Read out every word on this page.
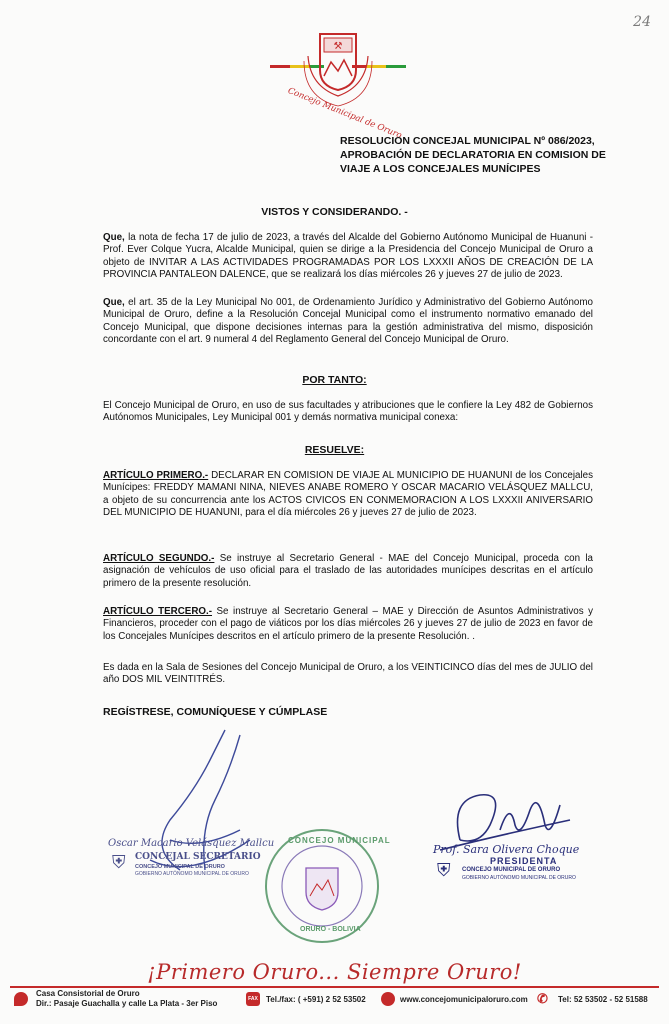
24
⚒
Concejo Municipal de Oruro
RESOLUCION CONCEJAL MUNICIPAL Nº 086/2023,
APROBACIÓN DE DECLARATORIA EN COMISION DE
VIAJE A LOS CONCEJALES MUNÍCIPES
VISTOS Y CONSIDERANDO. -
Que, la nota de fecha 17 de julio de 2023, a través del Alcalde del Gobierno Autónomo Municipal de Huanuni - Prof. Ever Colque Yucra, Alcalde Municipal, quien se dirige a la Presidencia del Concejo Municipal de Oruro a objeto de INVITAR A LAS ACTIVIDADES PROGRAMADAS POR LOS LXXXII AÑOS DE CREACIÓN DE LA PROVINCIA PANTALEON DALENCE, que se realizará los días miércoles 26 y jueves 27 de julio de 2023.
Que, el art. 35 de la Ley Municipal No 001, de Ordenamiento Jurídico y Administrativo del Gobierno Autónomo Municipal de Oruro, define a la Resolución Concejal Municipal como el instrumento normativo emanado del Concejo Municipal, que dispone decisiones internas para la gestión administrativa del mismo, disposición concordante con el art. 9 numeral 4 del Reglamento General del Concejo Municipal de Oruro.
POR TANTO:
El Concejo Municipal de Oruro, en uso de sus facultades y atribuciones que le confiere la Ley 482 de Gobiernos Autónomos Municipales, Ley Municipal 001 y demás normativa municipal conexa:
RESUELVE:
ARTÍCULO PRIMERO.- DECLARAR EN COMISION DE VIAJE AL MUNICIPIO DE HUANUNI de los Concejales Munícipes: FREDDY MAMANI NINA, NIEVES ANABE ROMERO Y OSCAR MACARIO VELÁSQUEZ MALLCU, a objeto de su concurrencia ante los ACTOS CIVICOS EN CONMEMORACION A LOS LXXXII ANIVERSARIO DEL MUNICIPIO DE HUANUNI, para el día miércoles 26 y jueves 27 de julio de 2023.
ARTÍCULO SEGUNDO.- Se instruye al Secretario General - MAE del Concejo Municipal, proceda con la asignación de vehículos de uso oficial para el traslado de las autoridades munícipes descritas en el artículo primero de la presente resolución.
ARTÍCULO TERCERO.- Se instruye al Secretario General – MAE y Dirección de Asuntos Administrativos y Financieros, proceder con el pago de viáticos por los días miércoles 26 y jueves 27 de julio de 2023 en favor de los Concejales Munícipes descritos en el artículo primero de la presente Resolución. .
Es dada en la Sala de Sesiones del Concejo Municipal de Oruro, a los VEINTICINCO días del mes de JULIO del año DOS MIL VEINTITRÉS.
REGÍSTRESE, COMUNÍQUESE Y CÚMPLASE
Oscar Macario Velásquez Mallcu
⛨ CONCEJAL SECRETARIO
CONCEJO MUNICIPAL DE ORURO
GOBIERNO AUTÓNOMO MUNICIPAL DE ORURO
CONCEJO MUNICIPAL
ORURO - BOLIVIA
Prof. Sara Olivera Choque
⛨	PRESIDENTA
CONCEJO MUNICIPAL DE ORURO
GOBIERNO AUTÓNOMO MUNICIPAL DE ORURO
¡Primero Oruro... Siempre Oruro!
Casa Consistorial de Oruro
Dir.: Pasaje Guachalla y calle La Plata - 3er Piso	FAX Tel./fax: ( +591) 2 52 53502	www.concejomunicipaloruro.com ✆ Tel: 52 53502 - 52 51588
